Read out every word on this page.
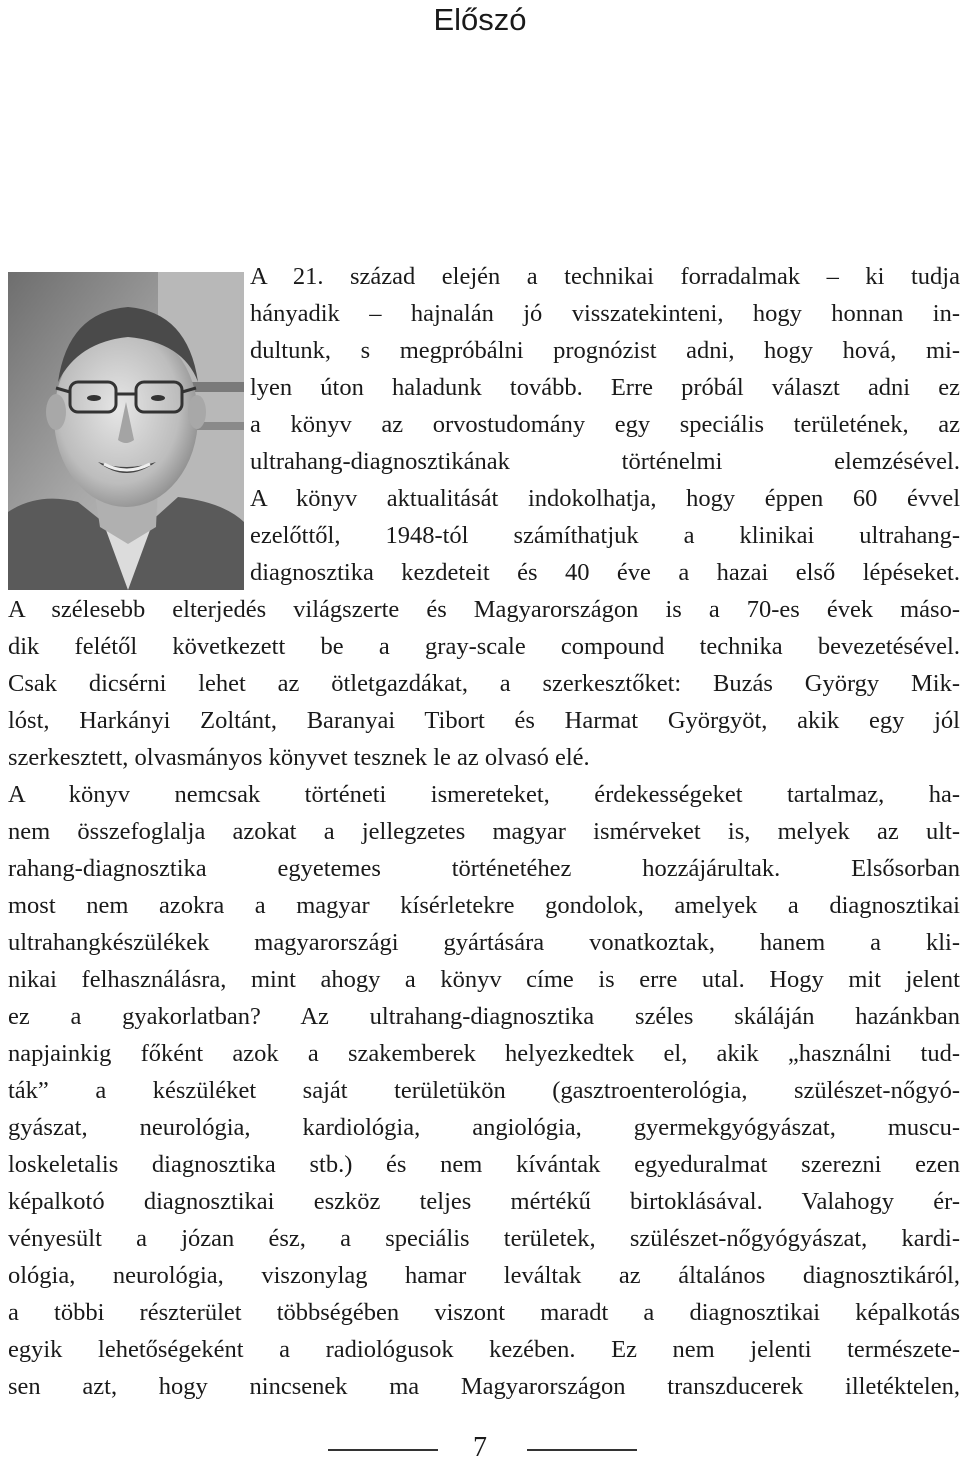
Előszó
A 21. század elején a technikai forradalmak – ki tudja
hányadik – hajnalán jó visszatekinteni, hogy honnan in-
dultunk, s megpróbálni prognózist adni, hogy hová, mi-
lyen úton haladunk tovább. Erre próbál választ adni ez
a könyv az orvostudomány egy speciális területének, az
ultrahang-diagnosztikának történelmi elemzésével.
A könyv aktualitását indokolhatja, hogy éppen 60 évvel
ezelőttől, 1948-tól számíthatjuk a klinikai ultrahang-
diagnosztika kezdeteit és 40 éve a hazai első lépéseket.
A szélesebb elterjedés világszerte és Magyarországon is a 70-es évek máso-
dik felétől következett be a gray-scale compound technika bevezetésével.
Csak dicsérni lehet az ötletgazdákat, a szerkesztőket: Buzás György Mik-
lóst, Harkányi Zoltánt, Baranyai Tibort és Harmat Györgyöt, akik egy jól
szerkesztett, olvasmányos könyvet tesznek le az olvasó elé.
A könyv nemcsak történeti ismereteket, érdekességeket tartalmaz, ha-
nem összefoglalja azokat a jellegzetes magyar ismérveket is, melyek az ult-
rahang-diagnosztika egyetemes történetéhez hozzájárultak. Elsősorban
most nem azokra a magyar kísérletekre gondolok, amelyek a diagnosztikai
ultrahangkészülékek magyarországi gyártására vonatkoztak, hanem a kli-
nikai felhasználásra, mint ahogy a könyv címe is erre utal. Hogy mit jelent
ez a gyakorlatban? Az ultrahang-diagnosztika széles skáláján hazánkban
napjainkig főként azok a szakemberek helyezkedtek el, akik „használni tud-
ták” a készüléket saját területükön (gasztroenterológia, szülészet-nőgyó-
gyászat, neurológia, kardiológia, angiológia, gyermekgyógyászat, muscu-
loskeletalis diagnosztika stb.) és nem kívántak egyeduralmat szerezni ezen
képalkotó diagnosztikai eszköz teljes mértékű birtoklásával. Valahogy ér-
vényesült a józan ész, a speciális területek, szülészet-nőgyógyászat, kardi-
ológia, neurológia, viszonylag hamar leváltak az általános diagnosztikáról,
a többi részterület többségében viszont maradt a diagnosztikai képalkotás
egyik lehetőségeként a radiológusok kezében. Ez nem jelenti természete-
sen azt, hogy nincsenek ma Magyarországon transzducerek illetéktelen,
7
